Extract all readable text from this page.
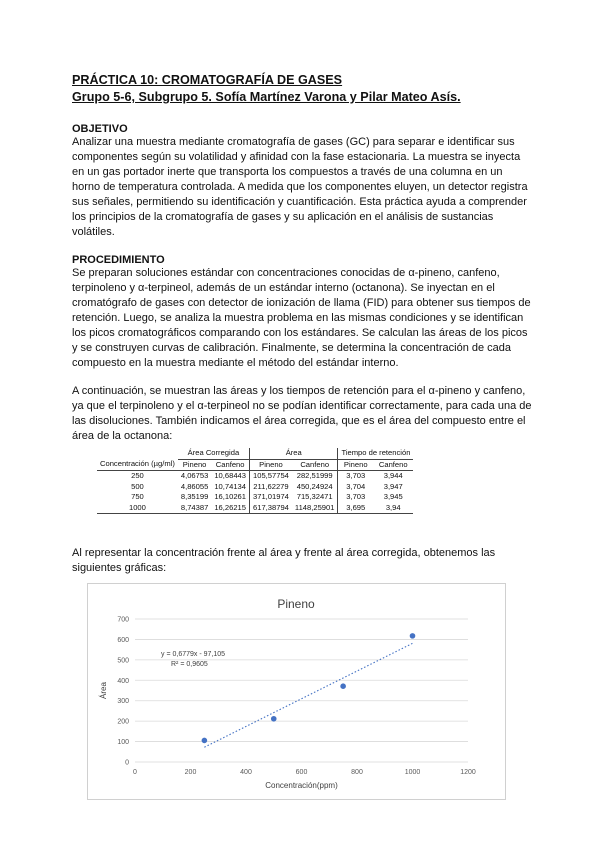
PRÁCTICA 10: CROMATOGRAFÍA DE GASES
Grupo 5-6, Subgrupo 5. Sofía Martínez Varona y Pilar Mateo Asís.
OBJETIVO

Analizar una muestra mediante cromatografía de gases (GC) para separar e identificar sus componentes según su volatilidad y afinidad con la fase estacionaria. La muestra se inyecta en un gas portador inerte que transporta los compuestos a través de una columna en un horno de temperatura controlada. A medida que los componentes eluyen, un detector registra sus señales, permitiendo su identificación y cuantificación. Esta práctica ayuda a comprender los principios de la cromatografía de gases y su aplicación en el análisis de sustancias volátiles.

PROCEDIMIENTO

Se preparan soluciones estándar con concentraciones conocidas de α-pineno, canfeno, terpinoleno y α-terpineol, además de un estándar interno (octanona). Se inyectan en el cromatógrafo de gases con detector de ionización de llama (FID) para obtener sus tiempos de retención. Luego, se analiza la muestra problema en las mismas condiciones y se identifican los picos cromatográficos comparando con los estándares. Se calculan las áreas de los picos y se construyen curvas de calibración. Finalmente, se determina la concentración de cada compuesto en la muestra mediante el método del estándar interno.

A continuación, se muestran las áreas y los tiempos de retención para el α-pineno y canfeno, ya que el terpinoleno y el α-terpineol no se podían identificar correctamente, para cada una de las disoluciones. También indicamos el área corregida, que es el área del compuesto entre el área de la octanona:

	Área Corregida		Área		Tiempo de retención	
Concentración (µg/ml)	Pineno	Canfeno	Pineno	Canfeno	Pineno	Canfeno
250	4,06753	10,68443	105,57754	282,51999	3,703	3,944
500	4,86055	10,74134	211,62279	450,24924	3,704	3,947
750	8,35199	16,10261	371,01974	715,32471	3,703	3,945
1000	8,74387	16,26215	617,38794	1148,25901	3,695	3,94

Al representar la concentración frente al área y frente al área corregida, obtenemos las siguientes gráficas:

0
100
200
300
400
500
600
700
0	200	400	600	800	1000	1200
Pineno
Concentración(ppm)
Área
y = 0,6779x - 97,105
R² = 0,9605
